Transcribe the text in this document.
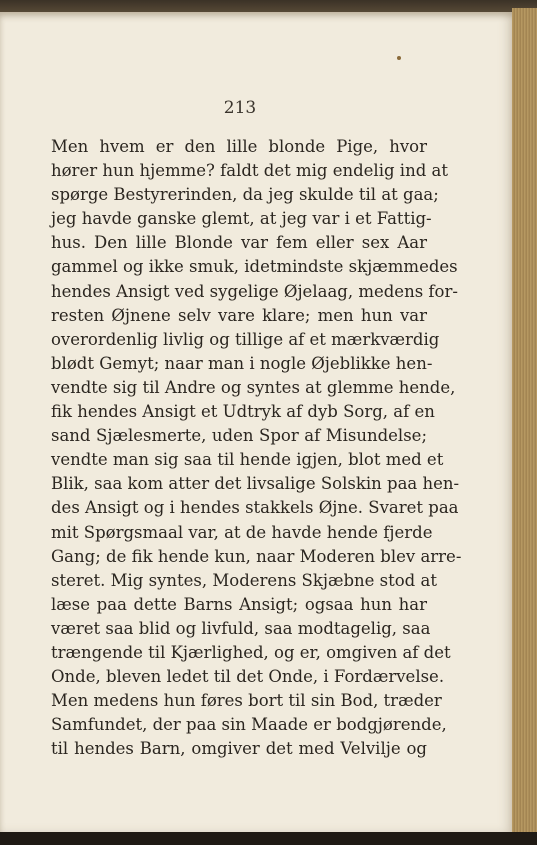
213
Men hvem er den lille blonde Pige, hvor
hører hun hjemme? faldt det mig endelig ind at
spørge Bestyrerinden, da jeg skulde til at gaa;
jeg havde ganske glemt, at jeg var i et Fattig-
hus. Den lille Blonde var fem eller sex Aar
gammel og ikke smuk, idetmindste skjæmmedes
hendes Ansigt ved sygelige Øjelaag, medens for-
resten Øjnene selv vare klare; men hun var
overordenlig livlig og tillige af et mærkværdig
blødt Gemyt; naar man i nogle Øjeblikke hen-
vendte sig til Andre og syntes at glemme hende,
fik hendes Ansigt et Udtryk af dyb Sorg, af en
sand Sjælesmerte, uden Spor af Misundelse;
vendte man sig saa til hende igjen, blot med et
Blik, saa kom atter det livsalige Solskin paa hen-
des Ansigt og i hendes stakkels Øjne. Svaret paa
mit Spørgsmaal var, at de havde hende fjerde
Gang; de fik hende kun, naar Moderen blev arre-
steret. Mig syntes, Moderens Skjæbne stod at
læse paa dette Barns Ansigt; ogsaa hun har
været saa blid og livfuld, saa modtagelig, saa
trængende til Kjærlighed, og er, omgiven af det
Onde, bleven ledet til det Onde, i Fordærvelse.
Men medens hun føres bort til sin Bod, træder
Samfundet, der paa sin Maade er bodgjørende,
til hendes Barn, omgiver det med Velvilje og
